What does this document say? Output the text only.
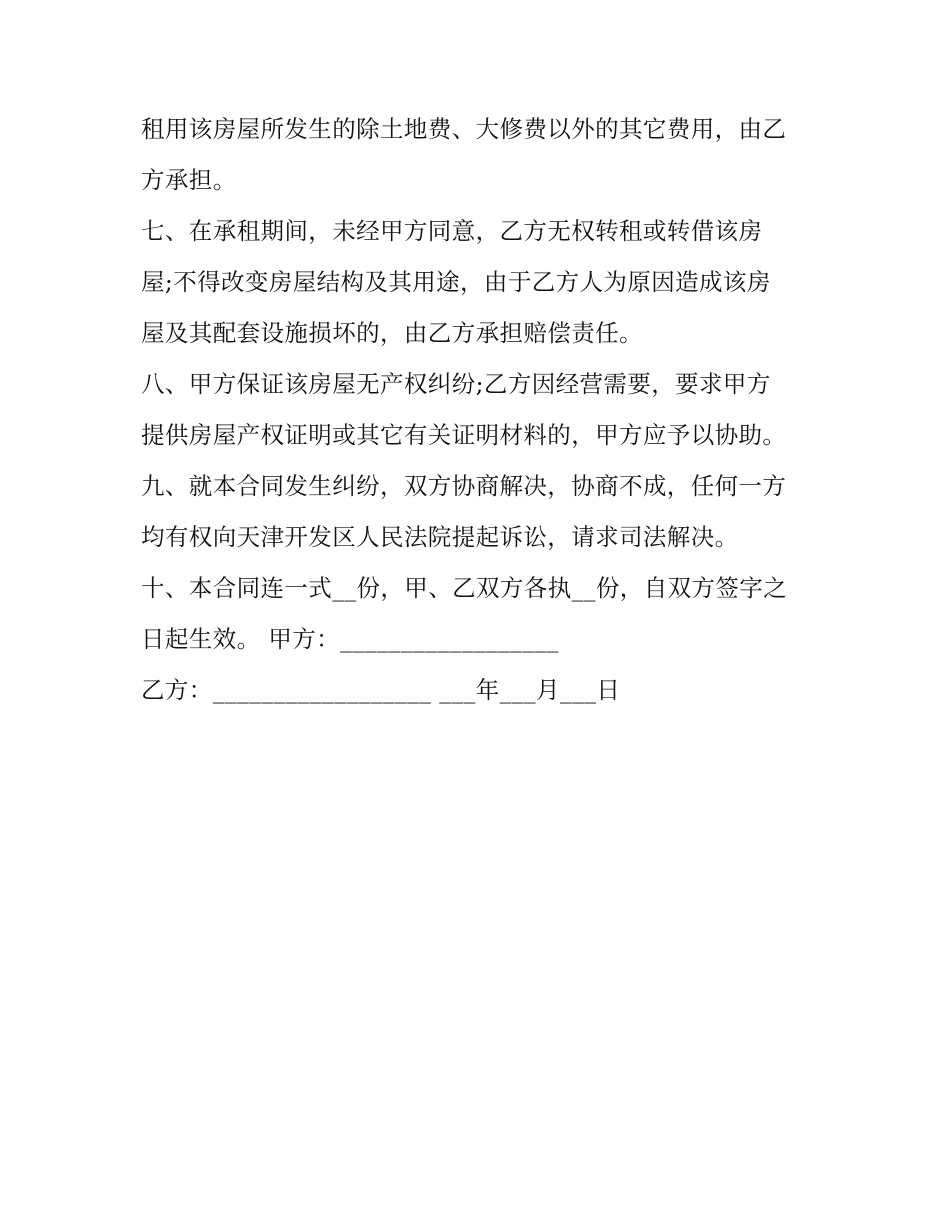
租用该房屋所发生的除土地费、大修费以外的其它费用，由乙
方承担。
七、在承租期间，未经甲方同意，乙方无权转租或转借该房
屋;不得改变房屋结构及其用途，由于乙方人为原因造成该房
屋及其配套设施损坏的，由乙方承担赔偿责任。
八、甲方保证该房屋无产权纠纷;乙方因经营需要，要求甲方
提供房屋产权证明或其它有关证明材料的，甲方应予以协助。
九、就本合同发生纠纷，双方协商解决，协商不成，任何一方
均有权向天津开发区人民法院提起诉讼，请求司法解决。
十、本合同连一式__份，甲、乙双方各执__份，自双方签字之
日起生效。 甲方：__________________
乙方：__________________ ___年___月___日
